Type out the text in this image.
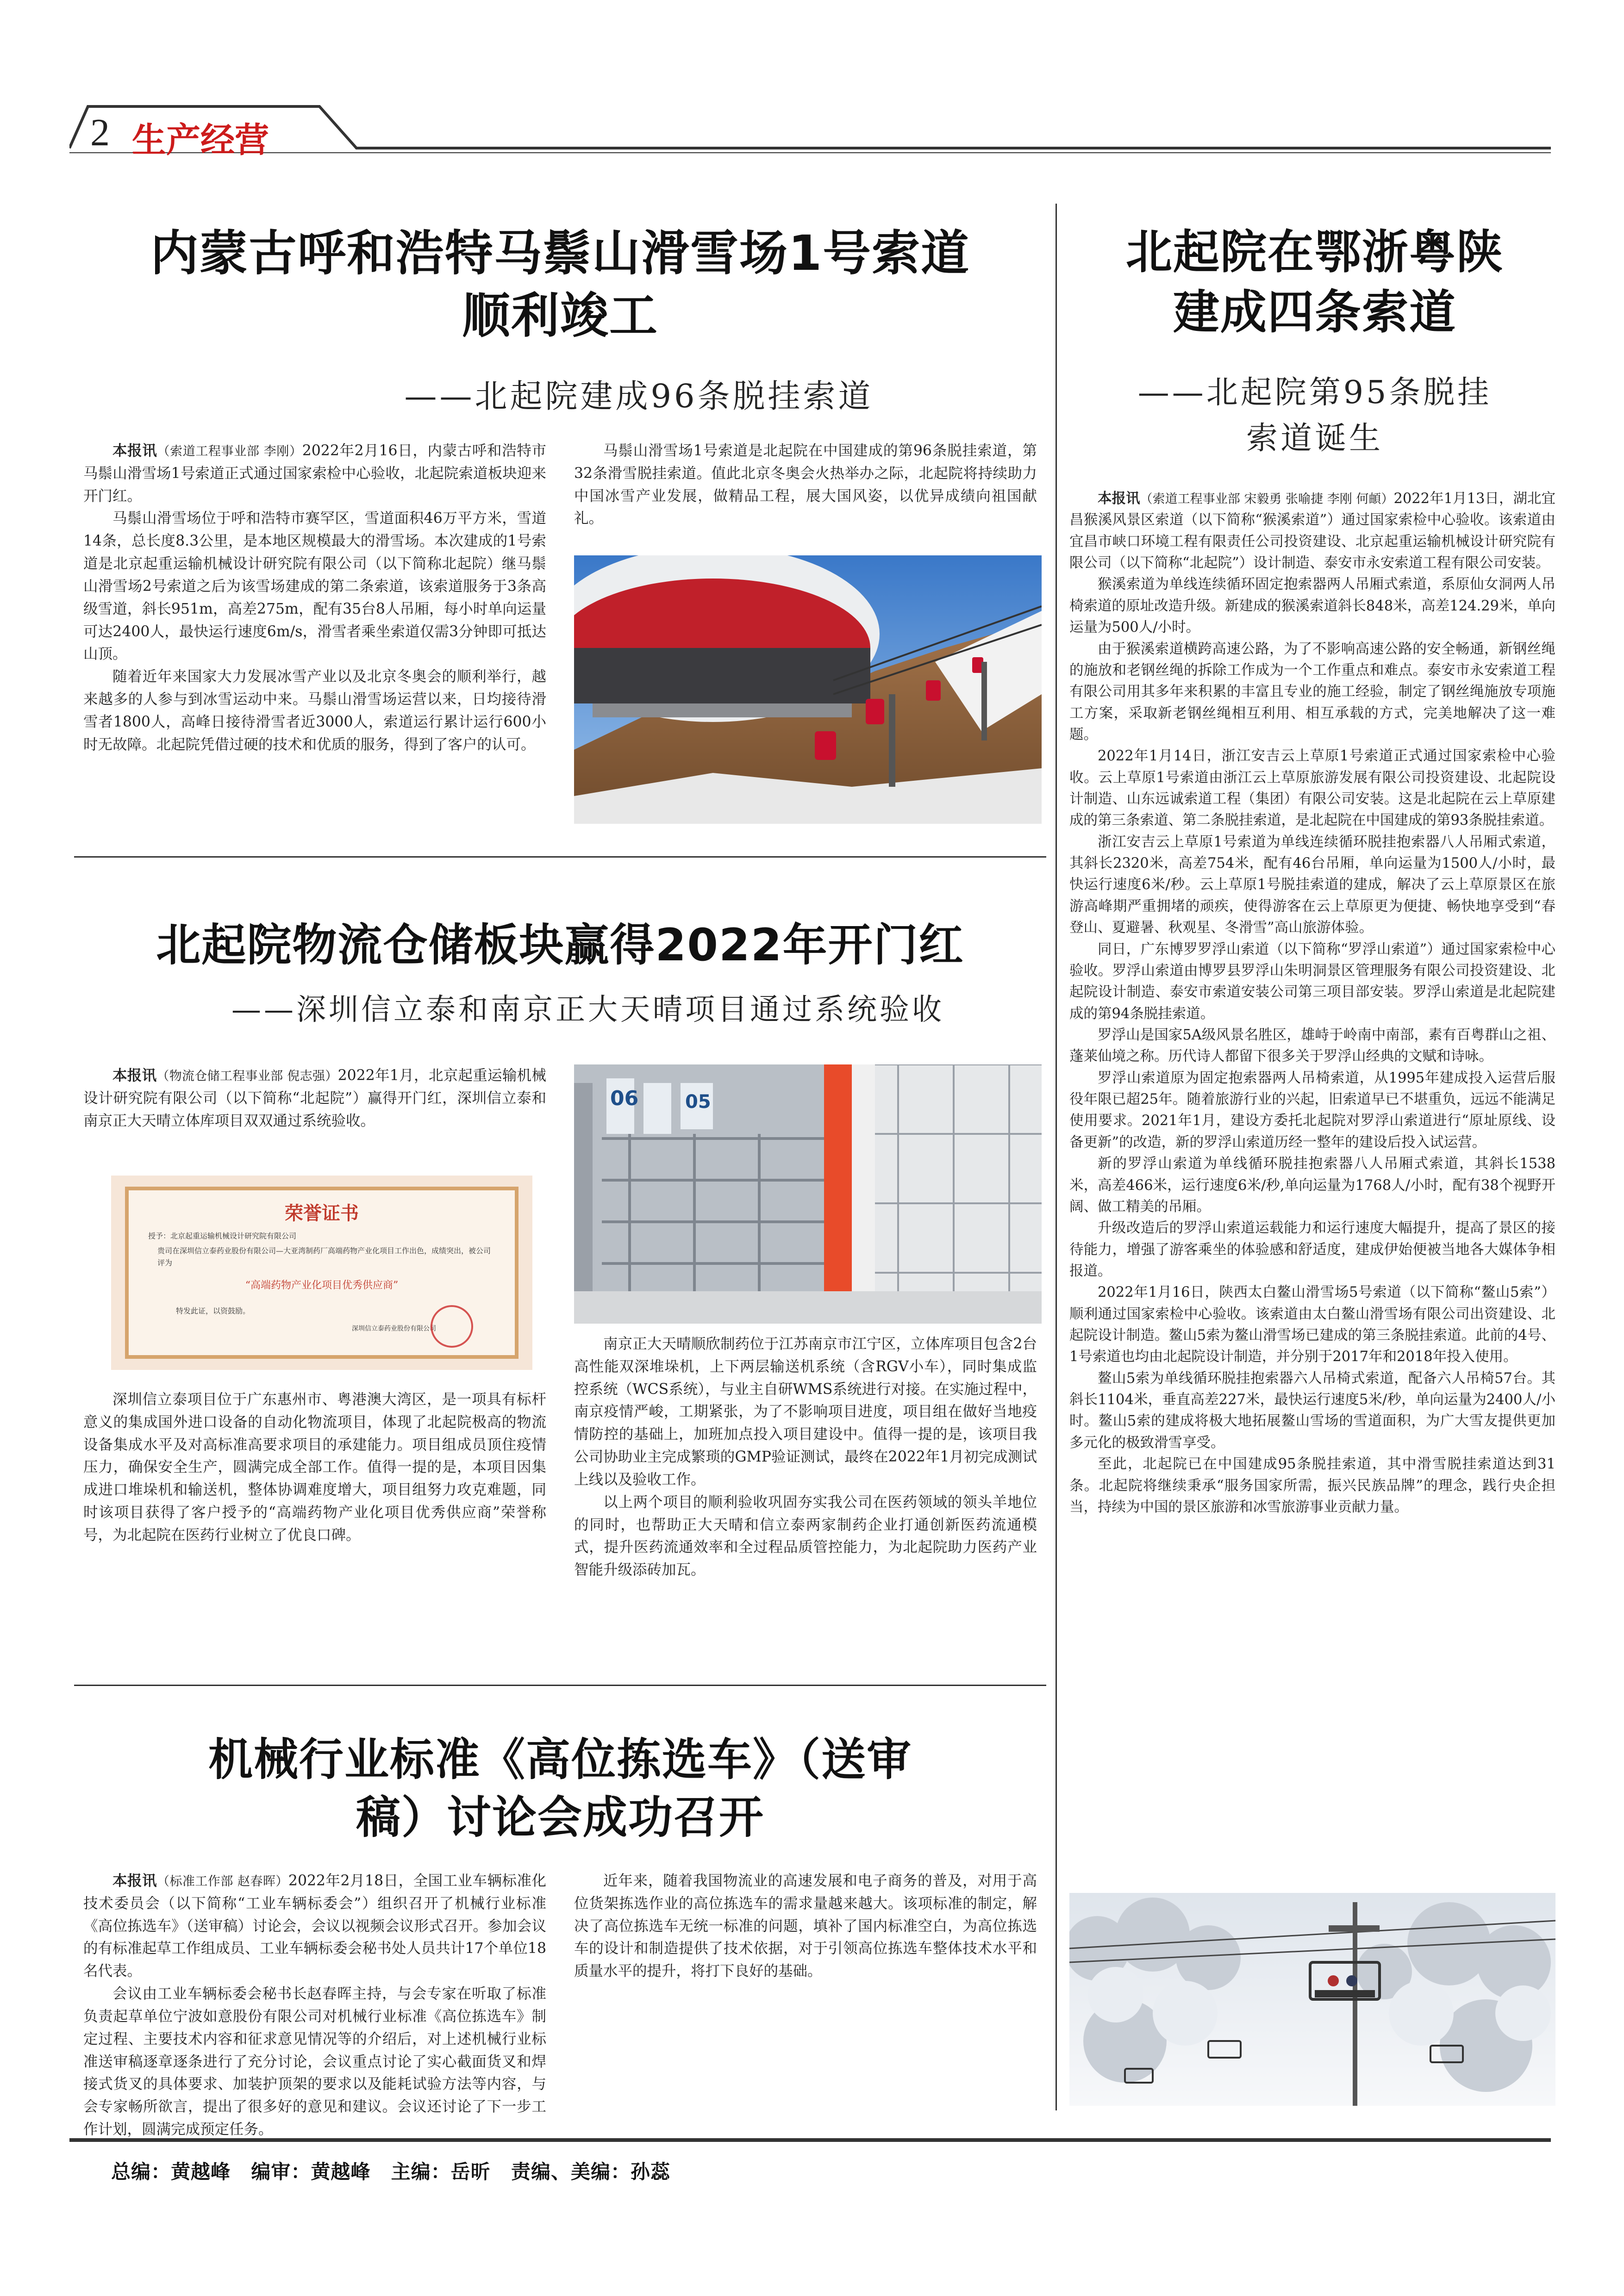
2 生产经营
内蒙古呼和浩特马鬃山滑雪场1号索道
顺利竣工
——北起院建成96条脱挂索道
本报讯（索道工程事业部 李刚）2022年2月16日，内蒙古呼和浩特市马鬃山滑雪场1号索道正式通过国家索检中心验收，北起院索道板块迎来开门红。

马鬃山滑雪场位于呼和浩特市赛罕区，雪道面积46万平方米，雪道14条，总长度8.3公里，是本地区规模最大的滑雪场。本次建成的1号索道是北京起重运输机械设计研究院有限公司（以下简称北起院）继马鬃山滑雪场2号索道之后为该雪场建成的第二条索道，该索道服务于3条高级雪道，斜长951m，高差275m，配有35台8人吊厢，每小时单向运量可达2400人，最快运行速度6m/s，滑雪者乘坐索道仅需3分钟即可抵达山顶。

随着近年来国家大力发展冰雪产业以及北京冬奥会的顺利举行，越来越多的人参与到冰雪运动中来。马鬃山滑雪场运营以来，日均接待滑雪者1800人，高峰日接待滑雪者近3000人，索道运行累计运行600小时无故障。北起院凭借过硬的技术和优质的服务，得到了客户的认可。

马鬃山滑雪场1号索道是北起院在中国建成的第96条脱挂索道，第32条滑雪脱挂索道。值此北京冬奥会火热举办之际，北起院将持续助力中国冰雪产业发展，做精品工程，展大国风姿，以优异成绩向祖国献礼。

北起院物流仓储板块赢得2022年开门红
——深圳信立泰和南京正大天晴项目通过系统验收
本报讯（物流仓储工程事业部 倪志强）2022年1月，北京起重运输机械设计研究院有限公司（以下简称“北起院”）赢得开门红，深圳信立泰和南京正大天晴立体库项目双双通过系统验收。
荣誉证书
授予：北京起重运输机械设计研究院有限公司
贵司在深圳信立泰药业股份有限公司—大亚湾制药厂高端药物产业化项目工作出色，成绩突出，被公司评为
“高端药物产业化项目优秀供应商”
特发此证，以资鼓励。
深圳信立泰药业股份有限公司

深圳信立泰项目位于广东惠州市、粤港澳大湾区，是一项具有标杆意义的集成国外进口设备的自动化物流项目，体现了北起院极高的物流设备集成水平及对高标准高要求项目的承建能力。项目组成员顶住疫情压力，确保安全生产，圆满完成全部工作。值得一提的是，本项目因集成进口堆垛机和输送机，整体协调难度增大，项目组努力攻克难题，同时该项目获得了客户授予的“高端药物产业化项目优秀供应商”荣誉称号，为北起院在医药行业树立了优良口碑。

06	05

南京正大天晴顺欣制药位于江苏南京市江宁区，立体库项目包含2台高性能双深堆垛机，上下两层输送机系统（含RGV小车），同时集成监控系统（WCS系统），与业主自研WMS系统进行对接。在实施过程中，南京疫情严峻，工期紧张，为了不影响项目进度，项目组在做好当地疫情防控的基础上，加班加点投入项目建设中。值得一提的是，该项目我公司协助业主完成繁琐的GMP验证测试，最终在2022年1月初完成测试上线以及验收工作。

以上两个项目的顺利验收巩固夯实我公司在医药领域的领头羊地位的同时，也帮助正大天晴和信立泰两家制药企业打通创新医药流通模式，提升医药流通效率和全过程品质管控能力，为北起院助力医药产业智能升级添砖加瓦。

机械行业标准《高位拣选车》（送审
稿）讨论会成功召开
本报讯（标准工作部 赵春晖）2022年2月18日，全国工业车辆标准化技术委员会（以下简称“工业车辆标委会”）组织召开了机械行业标准《高位拣选车》（送审稿）讨论会，会议以视频会议形式召开。参加会议的有标准起草工作组成员、工业车辆标委会秘书处人员共计17个单位18名代表。

会议由工业车辆标委会秘书长赵春晖主持，与会专家在听取了标准负责起草单位宁波如意股份有限公司对机械行业标准《高位拣选车》制定过程、主要技术内容和征求意见情况等的介绍后，对上述机械行业标准送审稿逐章逐条进行了充分讨论，会议重点讨论了实心截面货叉和焊接式货叉的具体要求、加装护顶架的要求以及能耗试验方法等内容，与会专家畅所欲言，提出了很多好的意见和建议。会议还讨论了下一步工作计划，圆满完成预定任务。

近年来，随着我国物流业的高速发展和电子商务的普及，对用于高位货架拣选作业的高位拣选车的需求量越来越大。该项标准的制定，解决了高位拣选车无统一标准的问题，填补了国内标准空白，为高位拣选车的设计和制造提供了技术依据，对于引领高位拣选车整体技术水平和质量水平的提升，将打下良好的基础。

北起院在鄂浙粤陕
建成四条索道
——北起院第95条脱挂
索道诞生
本报讯（索道工程事业部 宋毅勇 张喻捷 李刚 何頔）2022年1月13日，湖北宜昌猴溪风景区索道（以下简称“猴溪索道”）通过国家索检中心验收。该索道由宜昌市峡口环境工程有限责任公司投资建设、北京起重运输机械设计研究院有限公司（以下简称“北起院”）设计制造、泰安市永安索道工程有限公司安装。

猴溪索道为单线连续循环固定抱索器两人吊厢式索道，系原仙女洞两人吊椅索道的原址改造升级。新建成的猴溪索道斜长848米，高差124.29米，单向运量为500人/小时。

由于猴溪索道横跨高速公路，为了不影响高速公路的安全畅通，新钢丝绳的施放和老钢丝绳的拆除工作成为一个工作重点和难点。泰安市永安索道工程有限公司用其多年来积累的丰富且专业的施工经验，制定了钢丝绳施放专项施工方案，采取新老钢丝绳相互利用、相互承载的方式，完美地解决了这一难题。

2022年1月14日，浙江安吉云上草原1号索道正式通过国家索检中心验收。云上草原1号索道由浙江云上草原旅游发展有限公司投资建设、北起院设计制造、山东远诚索道工程（集团）有限公司安装。这是北起院在云上草原建成的第三条索道、第二条脱挂索道，是北起院在中国建成的第93条脱挂索道。

浙江安吉云上草原1号索道为单线连续循环脱挂抱索器八人吊厢式索道，其斜长2320米，高差754米，配有46台吊厢，单向运量为1500人/小时，最快运行速度6米/秒。云上草原1号脱挂索道的建成，解决了云上草原景区在旅游高峰期严重拥堵的顽疾，使得游客在云上草原更为便捷、畅快地享受到“春登山、夏避暑、秋观星、冬滑雪”高山旅游体验。

同日，广东博罗罗浮山索道（以下简称“罗浮山索道”）通过国家索检中心验收。罗浮山索道由博罗县罗浮山朱明洞景区管理服务有限公司投资建设、北起院设计制造、泰安市索道安装公司第三项目部安装。罗浮山索道是北起院建成的第94条脱挂索道。

罗浮山是国家5A级风景名胜区，雄峙于岭南中南部，素有百粤群山之祖、蓬莱仙境之称。历代诗人都留下很多关于罗浮山经典的文赋和诗咏。

罗浮山索道原为固定抱索器两人吊椅索道，从1995年建成投入运营后服役年限已超25年。随着旅游行业的兴起，旧索道早已不堪重负，远远不能满足使用要求。2021年1月，建设方委托北起院对罗浮山索道进行“原址原线、设备更新”的改造，新的罗浮山索道历经一整年的建设后投入试运营。

新的罗浮山索道为单线循环脱挂抱索器八人吊厢式索道，其斜长1538米，高差466米，运行速度6米/秒,单向运量为1768人/小时，配有38个视野开阔、做工精美的吊厢。

升级改造后的罗浮山索道运载能力和运行速度大幅提升，提高了景区的接待能力，增强了游客乘坐的体验感和舒适度，建成伊始便被当地各大媒体争相报道。

2022年1月16日，陕西太白鳌山滑雪场5号索道（以下简称“鳌山5索”）顺利通过国家索检中心验收。该索道由太白鳌山滑雪场有限公司出资建设、北起院设计制造。鳌山5索为鳌山滑雪场已建成的第三条脱挂索道。此前的4号、1号索道也均由北起院设计制造，并分别于2017年和2018年投入使用。

鳌山5索为单线循环脱挂抱索器六人吊椅式索道，配备六人吊椅57台。其斜长1104米，垂直高差227米，最快运行速度5米/秒，单向运量为2400人/小时。鳌山5索的建成将极大地拓展鳌山雪场的雪道面积，为广大雪友提供更加多元化的极致滑雪享受。

至此，北起院已在中国建成95条脱挂索道，其中滑雪脱挂索道达到31条。北起院将继续秉承“服务国家所需，振兴民族品牌”的理念，践行央企担当，持续为中国的景区旅游和冰雪旅游事业贡献力量。

总编：黄越峰 编审：黄越峰 主编：岳昕 责编、美编：孙蕊
